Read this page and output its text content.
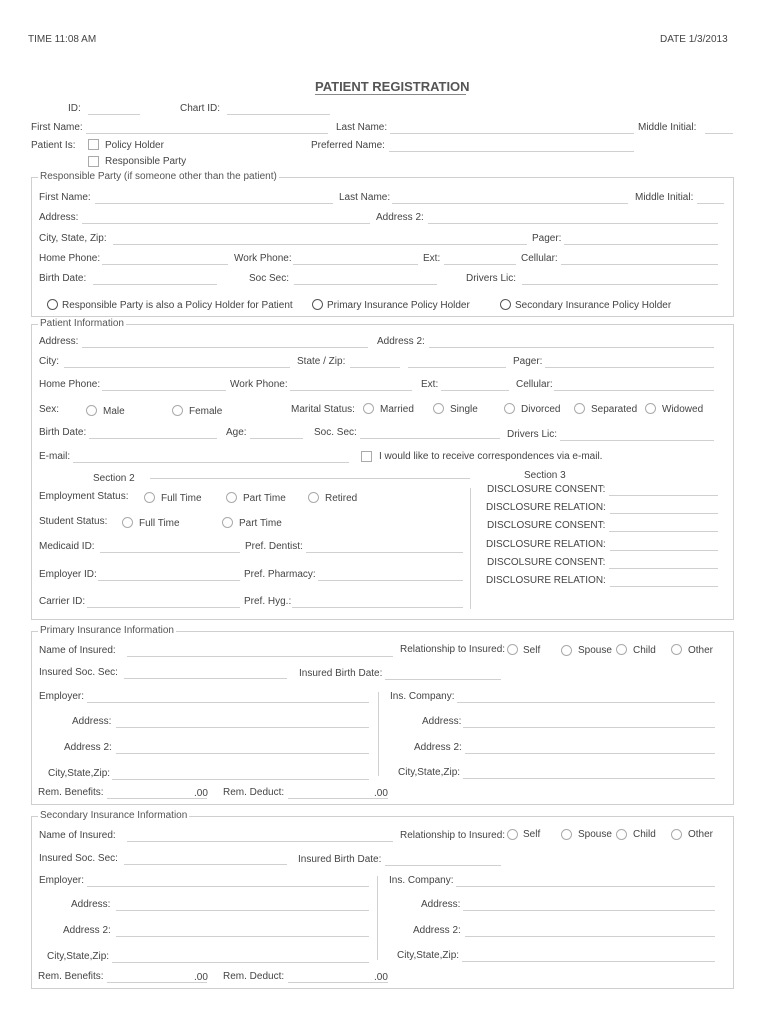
TIME 11:08 AM	DATE 1/3/2013
PATIENT REGISTRATION
ID:	Chart ID:
First Name:	Last Name:	Middle Initial:
Patient Is:	Policy Holder
Responsible Party
Preferred Name:
Responsible Party (if someone other than the patient)
First Name:	Last Name:	Middle Initial:
Address:	Address 2:
City, State, Zip:	Pager:
Home Phone:	Work Phone:	Ext:	Cellular:
Birth Date:	Soc Sec:	Drivers Lic:
Responsible Party is also a Policy Holder for Patient	Primary Insurance Policy Holder	Secondary Insurance Policy Holder
Patient Information
Address:	Address 2:
City:	State / Zip:	Pager:
Home Phone:	Work Phone:	Ext:	Cellular:
Sex:	Male	Female	Marital Status:	Married	Single	Divorced	Separated Widowed
Birth Date:	Age:	Soc. Sec:	Drivers Lic:
E-mail:	I would like to receive correspondences via e-mail.
Section 2
Employment Status:	Full Time	Part Time	Retired
Student Status:	Full Time	Part Time
Medicaid ID:	Pref. Dentist:
Employer ID:	Pref. Pharmacy:
Carrier ID:	Pref. Hyg.:
Section 3
DISCLOSURE CONSENT:
DISCLOSURE RELATION:
DISCLOSURE CONSENT:
DISCLOSURE RELATION:
DISCOLSURE CONSENT:
DISCLOSURE RELATION:
Primary Insurance Information
Name of Insured:	Relationship to Insured: Self	Spouse Child	Other
Insured Soc. Sec:	Insured Birth Date:
Employer:	Ins. Company:
Address:	Address:
Address 2:	Address 2:
City,State,Zip:	City,State,Zip:
Rem. Benefits:	.00 Rem. Deduct:	.00
Secondary Insurance Information
Name of Insured:	Relationship to Insured: Self	Spouse Child	Other
Insured Soc. Sec:	Insured Birth Date:
Employer:	Ins. Company:
Address:	Address:
Address 2:	Address 2:
City,State,Zip:	City,State,Zip:
Rem. Benefits:	.00 Rem. Deduct:	.00
